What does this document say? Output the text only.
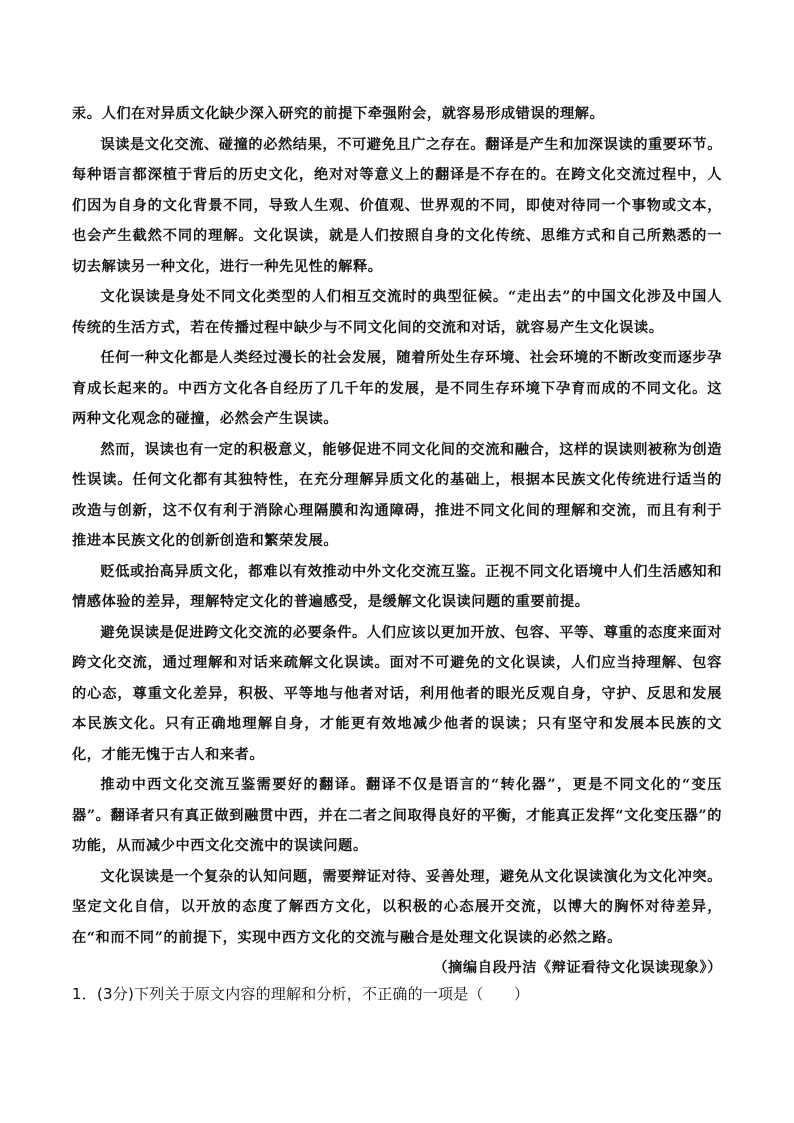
汞。人们在对异质文化缺少深入研究的前提下牵强附会，就容易形成错误的理解。

误读是文化交流、碰撞的必然结果，不可避免且广之存在。翻译是产生和加深误读的重要环节。每种语言都深植于背后的历史文化，绝对对等意义上的翻译是不存在的。在跨文化交流过程中，人们因为自身的文化背景不同，导致人生观、价值观、世界观的不同，即使对待同一个事物或文本，也会产生截然不同的理解。文化误读，就是人们按照自身的文化传统、思维方式和自己所熟悉的一切去解读另一种文化，进行一种先见性的解释。

文化误读是身处不同文化类型的人们相互交流时的典型征候。“走出去”的中国文化涉及中国人传统的生活方式，若在传播过程中缺少与不同文化间的交流和对话，就容易产生文化误读。

任何一种文化都是人类经过漫长的社会发展，随着所处生存环境、社会环境的不断改变而逐步孕育成长起来的。中西方文化各自经历了几千年的发展，是不同生存环境下孕育而成的不同文化。这两种文化观念的碰撞，必然会产生误读。

然而，误读也有一定的积极意义，能够促进不同文化间的交流和融合，这样的误读则被称为创造性误读。任何文化都有其独特性，在充分理解异质文化的基础上，根据本民族文化传统进行适当的改造与创新，这不仅有利于消除心理隔膜和沟通障碍，推进不同文化间的理解和交流，而且有利于推进本民族文化的创新创造和繁荣发展。

贬低或抬高异质文化，都难以有效推动中外文化交流互鉴。正视不同文化语境中人们生活感知和情感体验的差异，理解特定文化的普遍感受，是缓解文化误读问题的重要前提。

避免误读是促进跨文化交流的必要条件。人们应该以更加开放、包容、平等、尊重的态度来面对跨文化交流，通过理解和对话来疏解文化误读。面对不可避免的文化误读，人们应当持理解、包容的心态，尊重文化差异，积极、平等地与他者对话，利用他者的眼光反观自身，守护、反思和发展本民族文化。只有正确地理解自身，才能更有效地减少他者的误读；只有坚守和发展本民族的文化，才能无愧于古人和来者。

推动中西文化交流互鉴需要好的翻译。翻译不仅是语言的“转化器”，更是不同文化的“变压器”。翻译者只有真正做到融贯中西，并在二者之间取得良好的平衡，才能真正发挥“文化变压器”的功能，从而减少中西文化交流中的误读问题。

文化误读是一个复杂的认知问题，需要辩证对待、妥善处理，避免从文化误读演化为文化冲突。坚定文化自信，以开放的态度了解西方文化，以积极的心态展开交流，以博大的胸怀对待差异，在“和而不同”的前提下，实现中西方文化的交流与融合是处理文化误读的必然之路。

（摘编自段丹洁《辩证看待文化误读现象》）

1．(3分)下列关于原文内容的理解和分析，不正确的一项是（　　）
